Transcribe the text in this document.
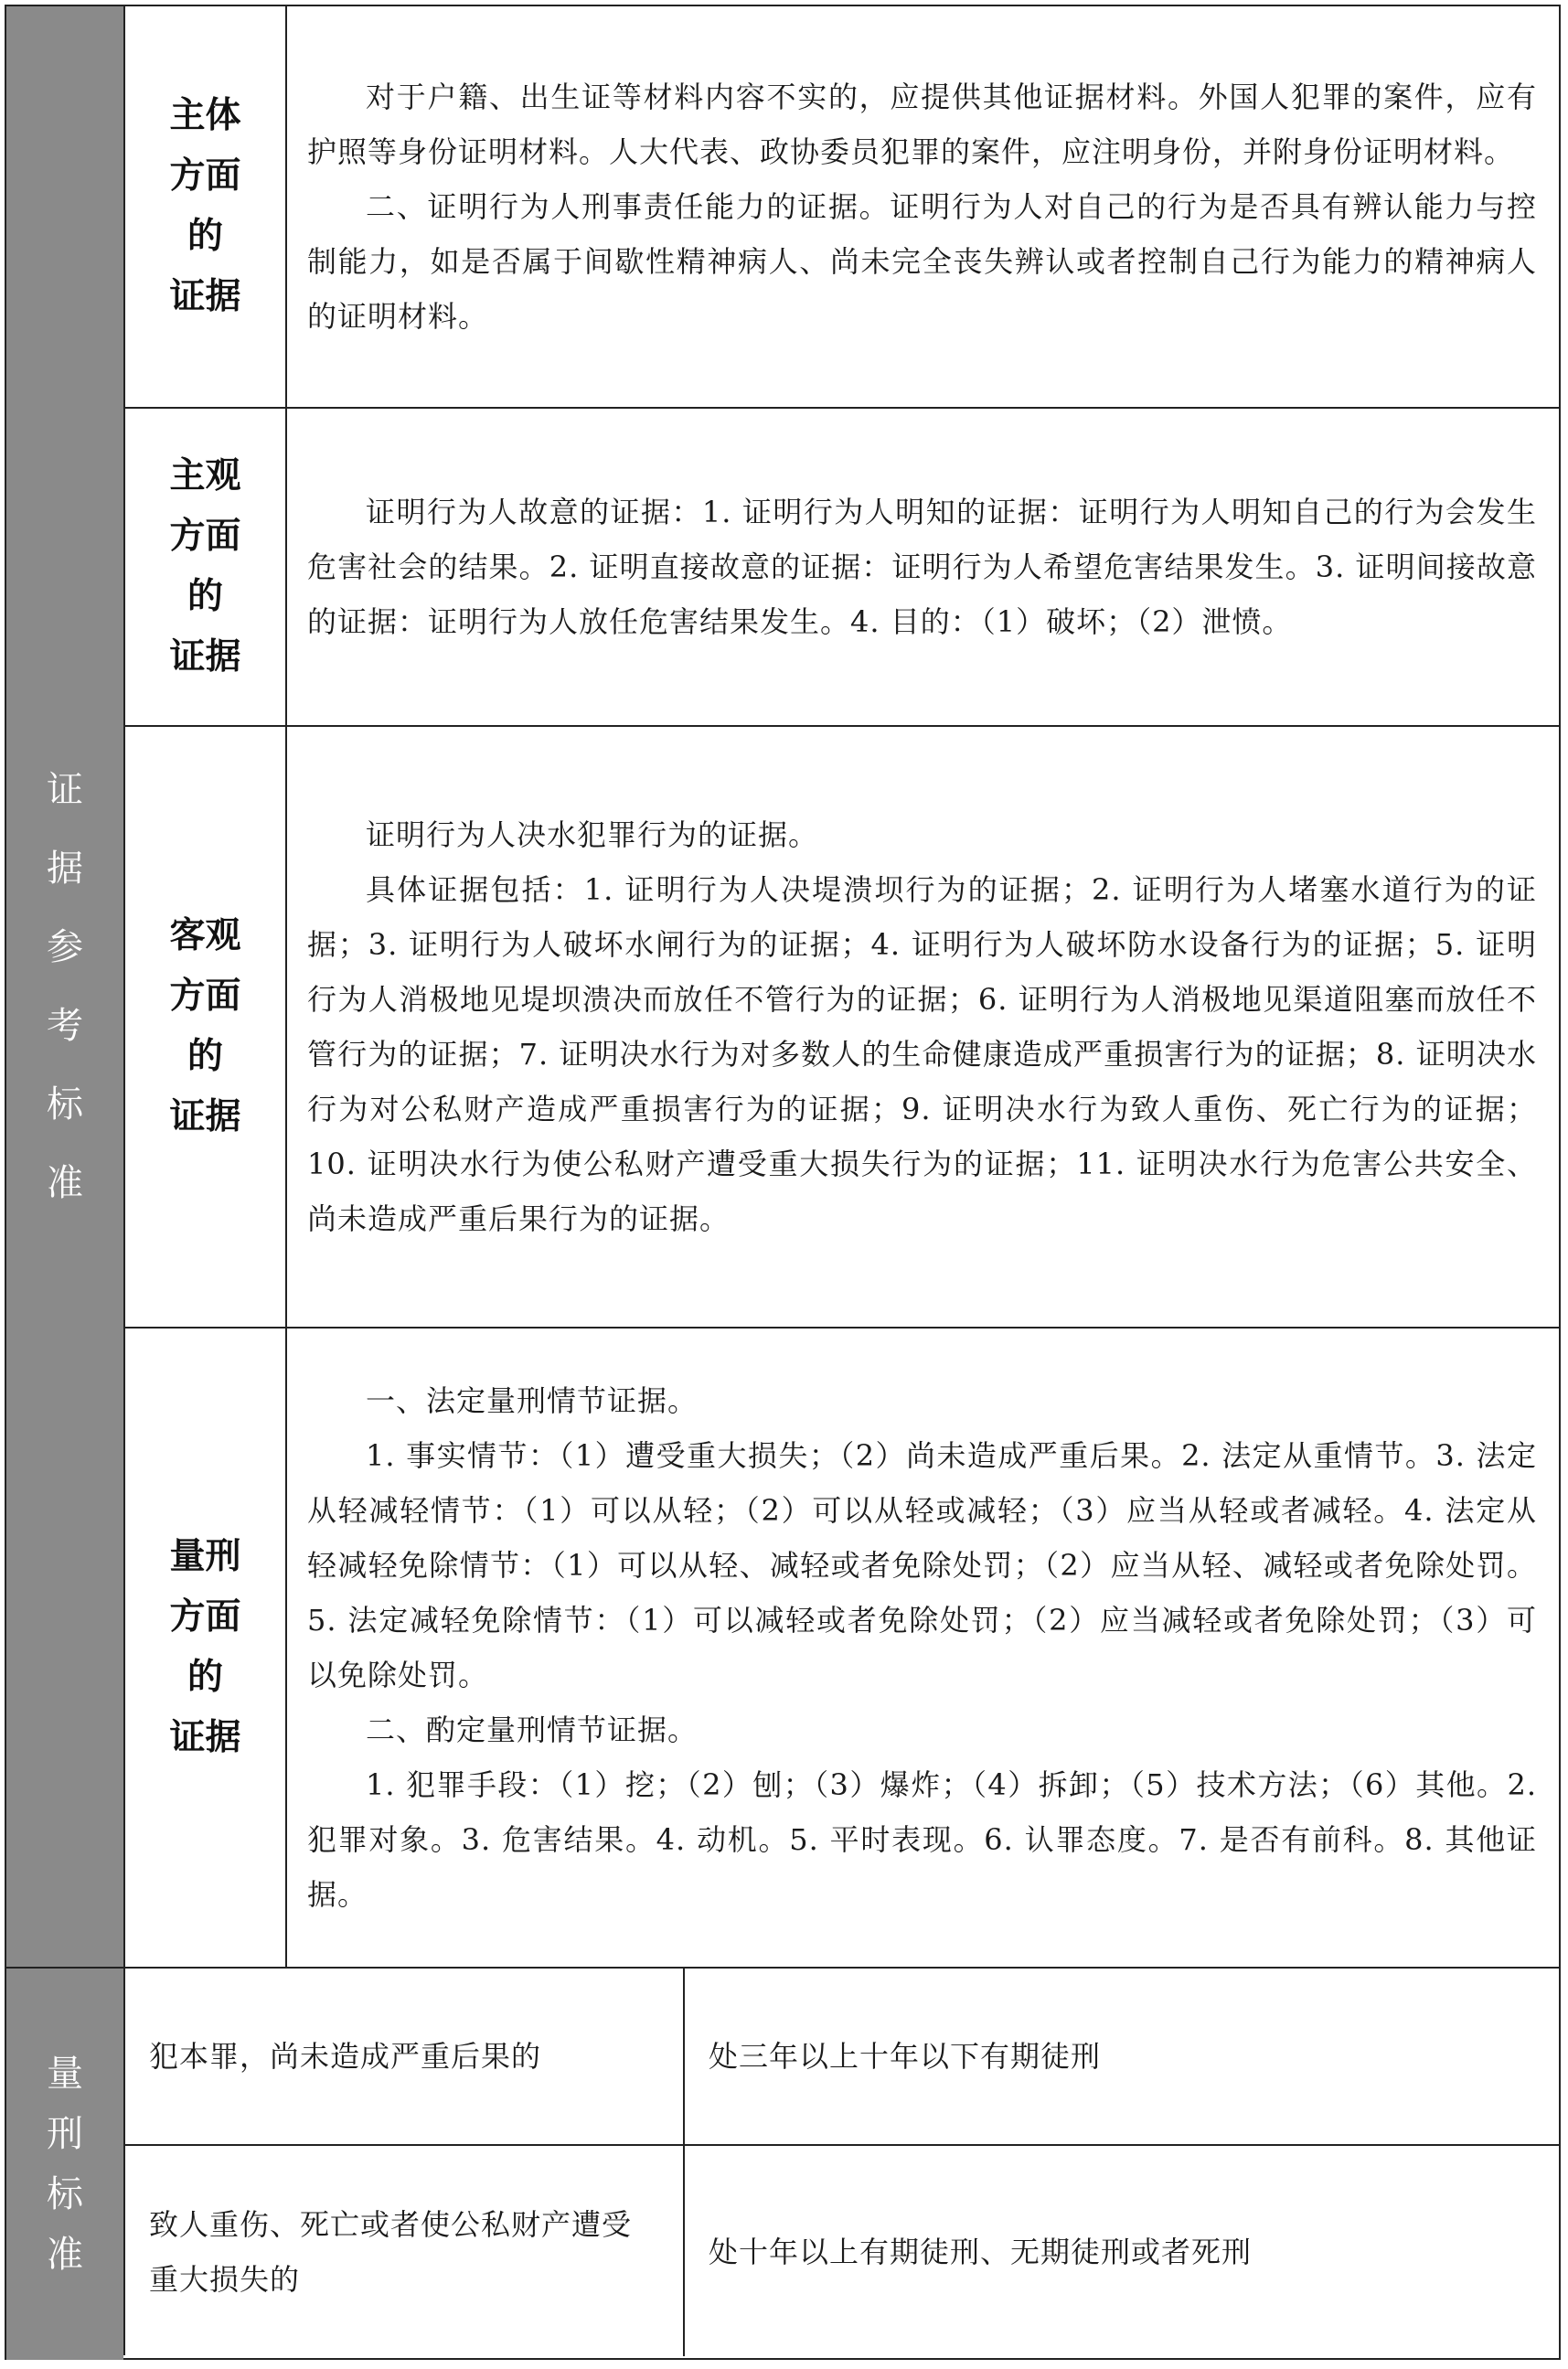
证
据
参
考
标
准
主体
方面
的
证据

对于户籍、出生证等材料内容不实的，应提供其他证据材料。外国人犯罪的案件，应有护照等身份证明材料。人大代表、政协委员犯罪的案件，应注明身份，并附身份证明材料。

二、证明行为人刑事责任能力的证据。证明行为人对自己的行为是否具有辨认能力与控制能力，如是否属于间歇性精神病人、尚未完全丧失辨认或者控制自己行为能力的精神病人的证明材料。

主观
方面
的
证据

证明行为人故意的证据：1. 证明行为人明知的证据：证明行为人明知自己的行为会发生危害社会的结果。2. 证明直接故意的证据：证明行为人希望危害结果发生。3. 证明间接故意的证据：证明行为人放任危害结果发生。4. 目的：（1）破坏；（2）泄愤。

客观
方面
的
证据

证明行为人决水犯罪行为的证据。

具体证据包括：1. 证明行为人决堤溃坝行为的证据；2. 证明行为人堵塞水道行为的证据；3. 证明行为人破坏水闸行为的证据；4. 证明行为人破坏防水设备行为的证据；5. 证明行为人消极地见堤坝溃决而放任不管行为的证据；6. 证明行为人消极地见渠道阻塞而放任不管行为的证据；7. 证明决水行为对多数人的生命健康造成严重损害行为的证据；8. 证明决水行为对公私财产造成严重损害行为的证据；9. 证明决水行为致人重伤、死亡行为的证据；10. 证明决水行为使公私财产遭受重大损失行为的证据；11. 证明决水行为危害公共安全、尚未造成严重后果行为的证据。

量刑
方面
的
证据

一、法定量刑情节证据。

1. 事实情节：（1）遭受重大损失；（2）尚未造成严重后果。2. 法定从重情节。3. 法定从轻减轻情节：（1）可以从轻；（2）可以从轻或减轻；（3）应当从轻或者减轻。4. 法定从轻减轻免除情节：（1）可以从轻、减轻或者免除处罚；（2）应当从轻、减轻或者免除处罚。5. 法定减轻免除情节：（1）可以减轻或者免除处罚；（2）应当减轻或者免除处罚；（3）可以免除处罚。

二、酌定量刑情节证据。

1. 犯罪手段：（1）挖；（2）刨；（3）爆炸；（4）拆卸；（5）技术方法；（6）其他。2. 犯罪对象。3. 危害结果。4. 动机。5. 平时表现。6. 认罪态度。7. 是否有前科。8. 其他证据。

量
刑
标
准
犯本罪，尚未造成严重后果的	处三年以上十年以下有期徒刑
致人重伤、死亡或者使公私财产遭受重大损失的
处十年以上有期徒刑、无期徒刑或者死刑
